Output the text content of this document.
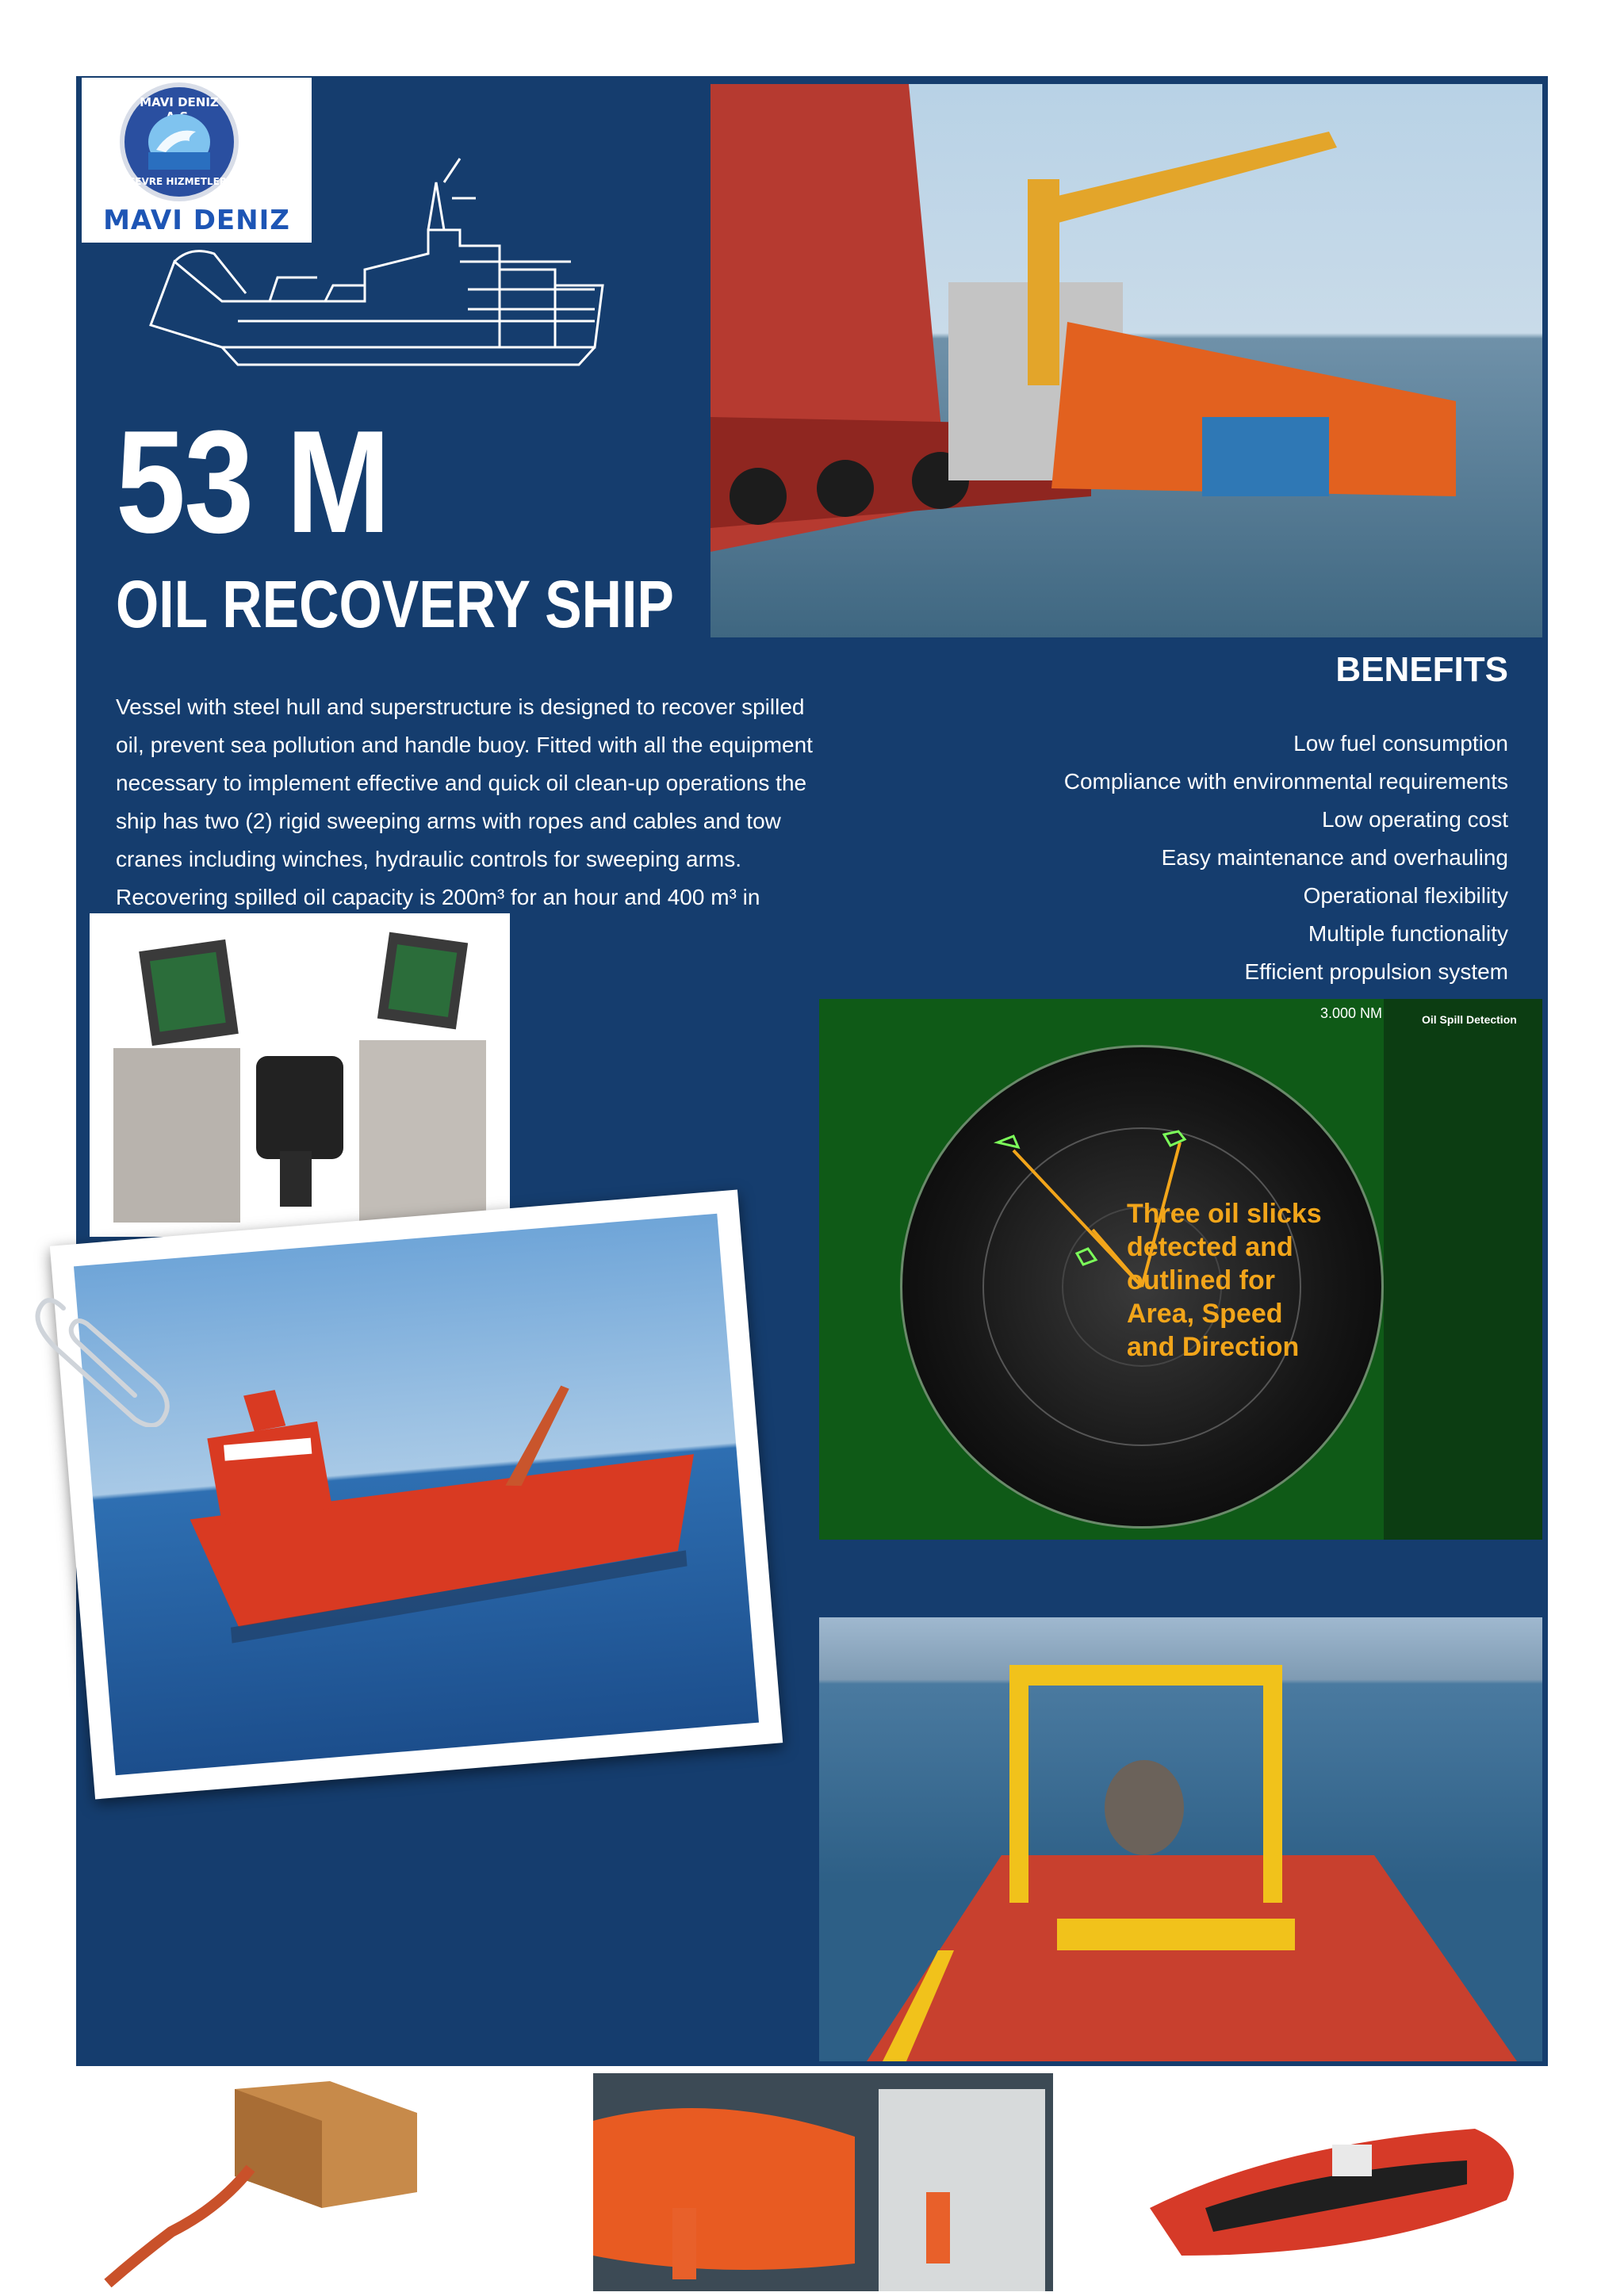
MAVI DENIZ
CEVRE HIZMETLERI
MAVI DENIZ
53 M
OIL RECOVERY SHIP
Vessel with steel hull and superstructure is designed to recover spilled oil, prevent sea pollution and handle buoy. Fitted with all the equipment necessary to implement effective and quick oil clean-up operations the ship has two (2) rigid sweeping arms with ropes and cables and tow cranes including winches, hydraulic controls for sweeping arms. Recovering spilled oil capacity is 200m³ for an hour and 400 m³ in
BENEFITS
Low fuel consumption
Compliance with environmental requirements
Low operating cost
Easy maintenance and overhauling
Operational flexibility
Multiple functionality
Efficient propulsion system
3.000 NM	Oil Spill Detection
Three oil slicks
detected and
outlined for
Area, Speed
and Direction
